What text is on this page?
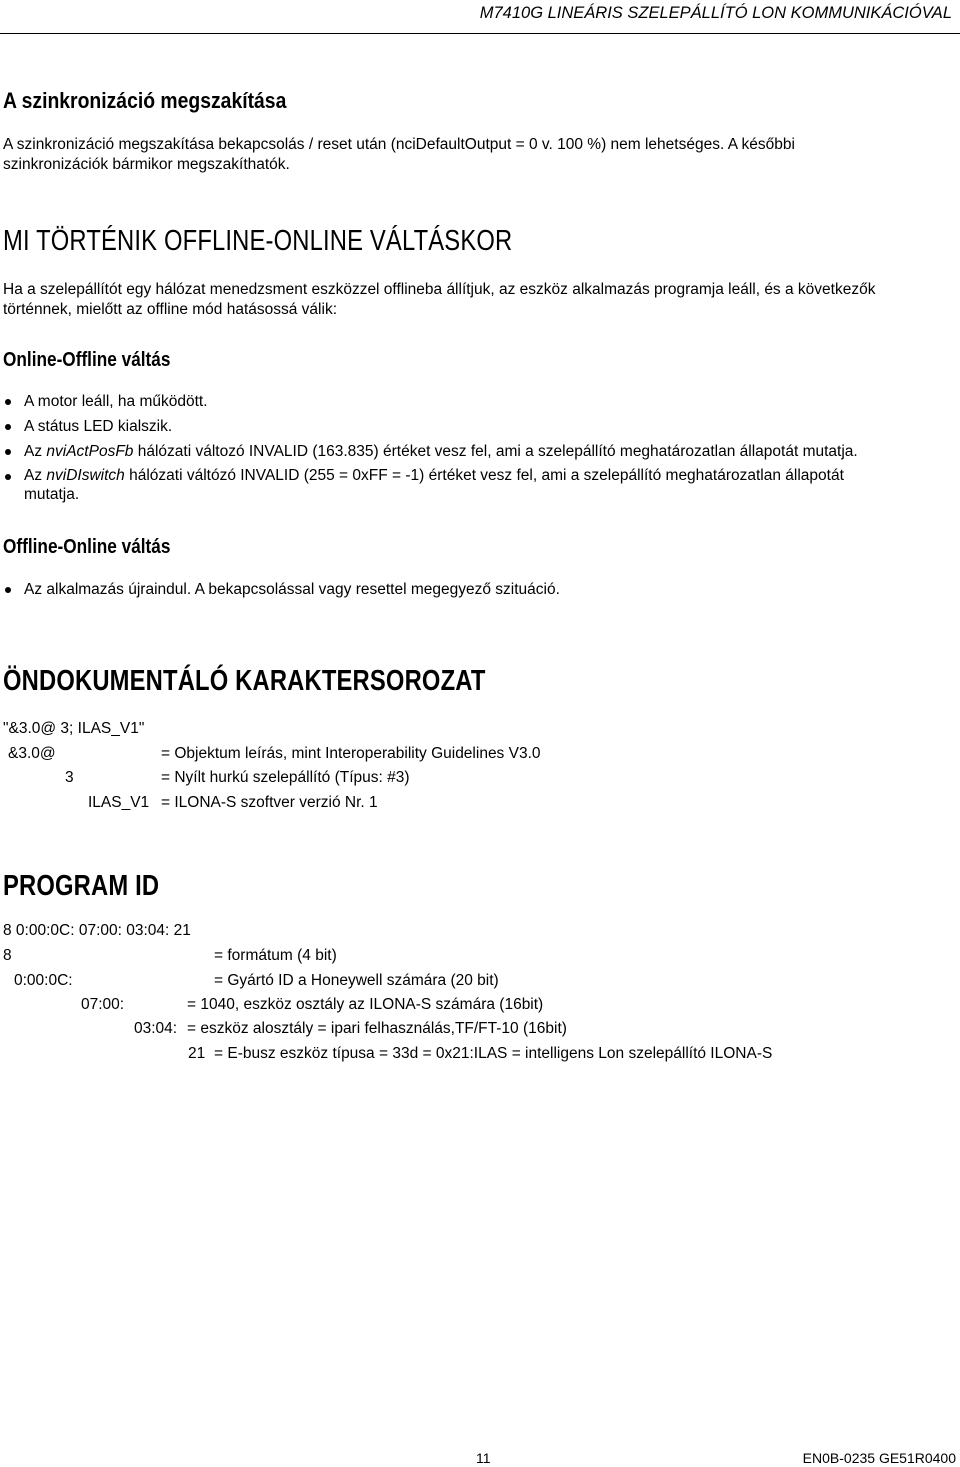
M7410G LINEÁRIS SZELEPÁLLÍTÓ LON KOMMUNIKÁCIÓVAL
A szinkronizáció megszakítása
A szinkronizáció megszakítása bekapcsolás / reset után (nciDefaultOutput = 0 v. 100 %) nem lehetséges. A későbbi
szinkronizációk bármikor megszakíthatók.
MI TÖRTÉNIK OFFLINE-ONLINE VÁLTÁSKOR
Ha a szelepállítót egy hálózat menedzsment eszközzel offlineba állítjuk, az eszköz alkalmazás programja leáll, és a következők
történnek, mielőtt az offline mód hatásossá válik:
Online-Offline váltás
A motor leáll, ha működött.
A státus LED kialszik.
Az nviActPosFb hálózati változó INVALID (163.835) értéket vesz fel, ami a szelepállító meghatározatlan állapotát mutatja.
Az nviDIswitch hálózati váltózó INVALID (255 = 0xFF = -1) értéket vesz fel, ami a szelepállító meghatározatlan állapotát
mutatja.
Offline-Online váltás
Az alkalmazás újraindul. A bekapcsolással vagy resettel megegyező szituáció.
ÖNDOKUMENTÁLÓ KARAKTERSOROZAT
"&3.0@ 3; ILAS_V1"
&3.0@	= Objektum leírás, mint Interoperability Guidelines V3.0
3	= Nyílt hurkú szelepállító (Típus: #3)
ILAS_V1 = ILONA-S szoftver verzió Nr. 1
PROGRAM ID
8 0:00:0C: 07:00: 03:04: 21
8	= formátum (4 bit)
0:00:0C:	= Gyártó ID a Honeywell számára (20 bit)
07:00:	= 1040, eszköz osztály az ILONA-S számára (16bit)
03:04: = eszköz alosztály = ipari felhasználás,TF/FT-10 (16bit)
21 = E-busz eszköz típusa = 33d = 0x21:ILAS = intelligens Lon szelepállító ILONA-S
11	EN0B-0235 GE51R0400
